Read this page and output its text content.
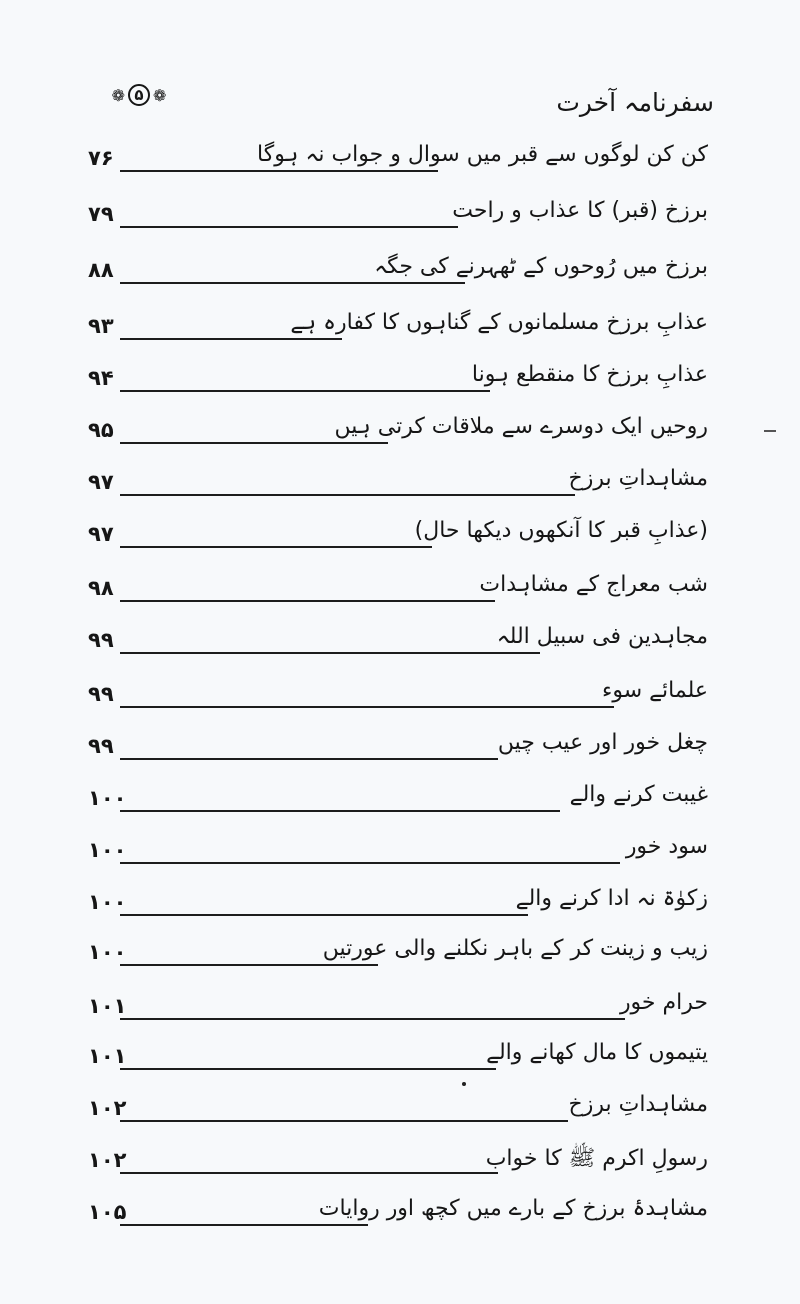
❁ ۵ ❁	سفرنامہ آخرت
۷۶	کن کن لوگوں سے قبر میں سوال و جواب نہ ہوگا
۷۹	برزخ (قبر) کا عذاب و راحت
۸۸	برزخ میں رُوحوں کے ٹھہرنے کی جگہ
۹۳	عذابِ برزخ مسلمانوں کے گناہوں کا کفارہ ہے
۹۴	عذابِ برزخ کا منقطع ہونا
۹۵	روحیں ایک دوسرے سے ملاقات کرتی ہیں
۹۷	مشاہداتِ برزخ
۹۷	(عذابِ قبر کا آنکھوں دیکھا حال)
۹۸	شب معراج کے مشاہدات
۹۹	مجاہدین فی سبیل اللہ
۹۹	علمائے سوء
۹۹	چغل خور اور عیب چیں
۱۰۰	غیبت کرنے والے
۱۰۰	سود خور
۱۰۰	زکوٰۃ نہ ادا کرنے والے
۱۰۰	زیب و زینت کر کے باہر نکلنے والی عورتیں
۱۰۱	حرام خور
۱۰۱	یتیموں کا مال کھانے والے
۱۰۲	مشاہداتِ برزخ
۱۰۲	رسولِ اکرم ﷺ کا خواب
۱۰۵	مشاہدۂ برزخ کے بارے میں کچھ اور روایات
